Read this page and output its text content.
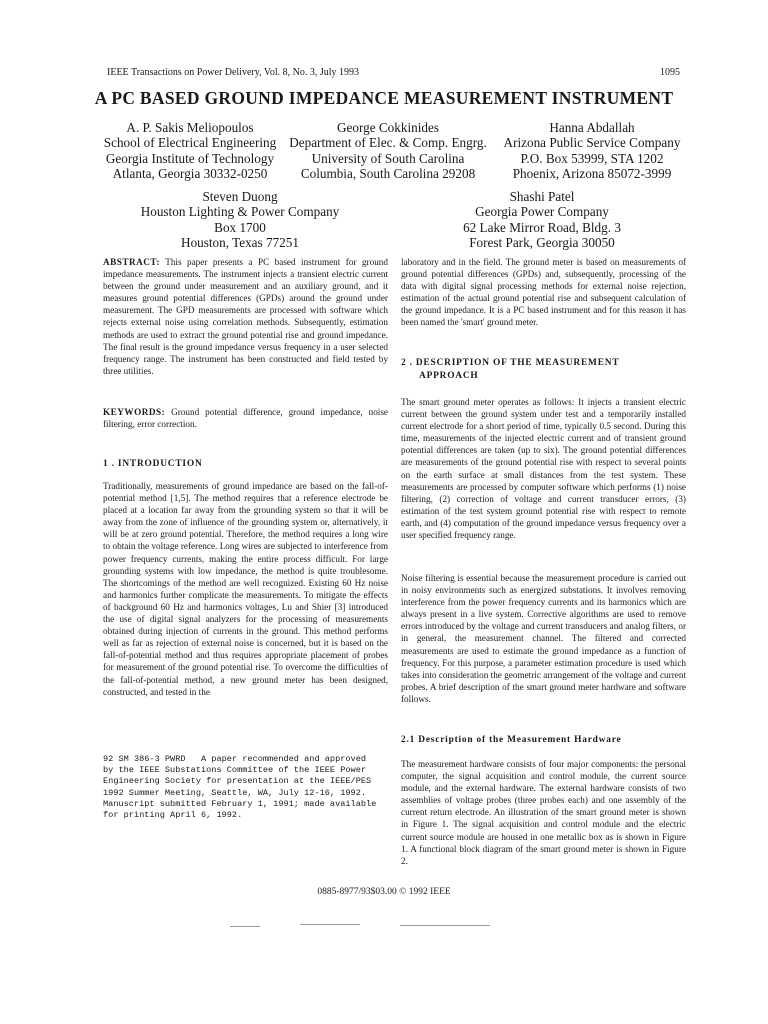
IEEE Transactions on Power Delivery, Vol. 8, No. 3, July 1993	1095
A PC BASED GROUND IMPEDANCE MEASUREMENT INSTRUMENT
A. P. Sakis Meliopoulos
School of Electrical Engineering
Georgia Institute of Technology
Atlanta, Georgia 30332-0250
George Cokkinides
Department of Elec. & Comp. Engrg.
University of South Carolina
Columbia, South Carolina 29208
Hanna Abdallah
Arizona Public Service Company
P.O. Box 53999, STA 1202
Phoenix, Arizona 85072-3999
Steven Duong
Houston Lighting & Power Company
Box 1700
Houston, Texas 77251
Shashi Patel
Georgia Power Company
62 Lake Mirror Road, Bldg. 3
Forest Park, Georgia 30050

ABSTRACT: This paper presents a PC based instrument for ground impedance measurements. The instrument injects a transient electric current between the ground under measurement and an auxiliary ground, and it measures ground potential differences (GPDs) around the ground under measurement. The GPD measurements are processed with software which rejects external noise using correlation methods. Subsequently, estimation methods are used to extract the ground potential rise and ground impedance. The final result is the ground impedance versus frequency in a user selected frequency range. The instrument has been constructed and field tested by three utilities.

KEYWORDS: Ground potential difference, ground impedance, noise filtering, error correction.

1 . INTRODUCTION

Traditionally, measurements of ground impedance are based on the fall-of-potential method [1,5]. The method requires that a reference electrode be placed at a location far away from the grounding system so that it will be away from the zone of influence of the grounding system or, alternatively, it will be at zero ground potential. Therefore, the method requires a long wire to obtain the voltage reference. Long wires are subjected to interference from power frequency currents, making the entire process difficult. For large grounding systems with low impedance, the method is quite troublesome. The shortcomings of the method are well recognized. Existing 60 Hz noise and harmonics further complicate the measurements. To mitigate the effects of background 60 Hz and harmonics voltages, Lu and Shier [3] introduced the use of digital signal analyzers for the processing of measurements obtained during injection of currents in the ground. This method performs well as far as rejection of external noise is concerned, but it is based on the fall-of-potential method and thus requires appropriate placement of probes for measurement of the ground potential rise. To overcome the difficulties of the fall-of-potential method, a new ground meter has been designed, constructed, and tested in the

92 SM 386-3 PWRD   A paper recommended and approved
by the IEEE Substations Committee of the IEEE Power
Engineering Society for presentation at the IEEE/PES
1992 Summer Meeting, Seattle, WA, July 12-16, 1992.
Manuscript submitted February 1, 1991; made available
for printing April 6, 1992.

laboratory and in the field. The ground meter is based on measurements of ground potential differences (GPDs) and, subsequently, processing of the data with digital signal processing methods for external noise rejection, estimation of the actual ground potential rise and subsequent calculation of the ground impedance. It is a PC based instrument and for this reason it has been named the 'smart' ground meter.

2 . DESCRIPTION OF THE MEASUREMENT
APPROACH

The smart ground meter operates as follows: It injects a transient electric current between the ground system under test and a temporarily installed current electrode for a short period of time, typically 0.5 second. During this time, measurements of the injected electric current and of transient ground potential differences are taken (up to six). The ground potential differences are measurements of the ground potential rise with respect to several points on the earth surface at small distances from the test system. These measurements are processed by computer software which performs (1) noise filtering, (2) correction of voltage and current transducer errors, (3) estimation of the test system ground potential rise with respect to remote earth, and (4) computation of the ground impedance versus frequency over a user specified frequency range.

Noise filtering is essential because the measurement procedure is carried out in noisy environments such as energized substations. It involves removing interference from the power frequency currents and its harmonics which are always present in a live system. Corrective algorithms are used to remove errors introduced by the voltage and current transducers and analog filters, or in general, the measurement channel. The filtered and corrected measurements are used to estimate the ground impedance as a function of frequency. For this purpose, a parameter estimation procedure is used which takes into consideration the geometric arrangement of the voltage and current probes. A brief description of the smart ground meter hardware and software follows.

2.1 Description of the Measurement Hardware

The measurement hardware consists of four major components: the personal computer, the signal acquisition and control module, the current source module, and the external hardware. The external hardware consists of two assemblies of voltage probes (three probes each) and one assembly of the current return electrode. An illustration of the smart ground meter is shown in Figure 1. The signal acquisition and control module and the electric current source module are housed in one metallic box as is shown in Figure 1. A functional block diagram of the smart ground meter is shown in Figure 2.

0885-8977/93$03.00 © 1992 IEEE
